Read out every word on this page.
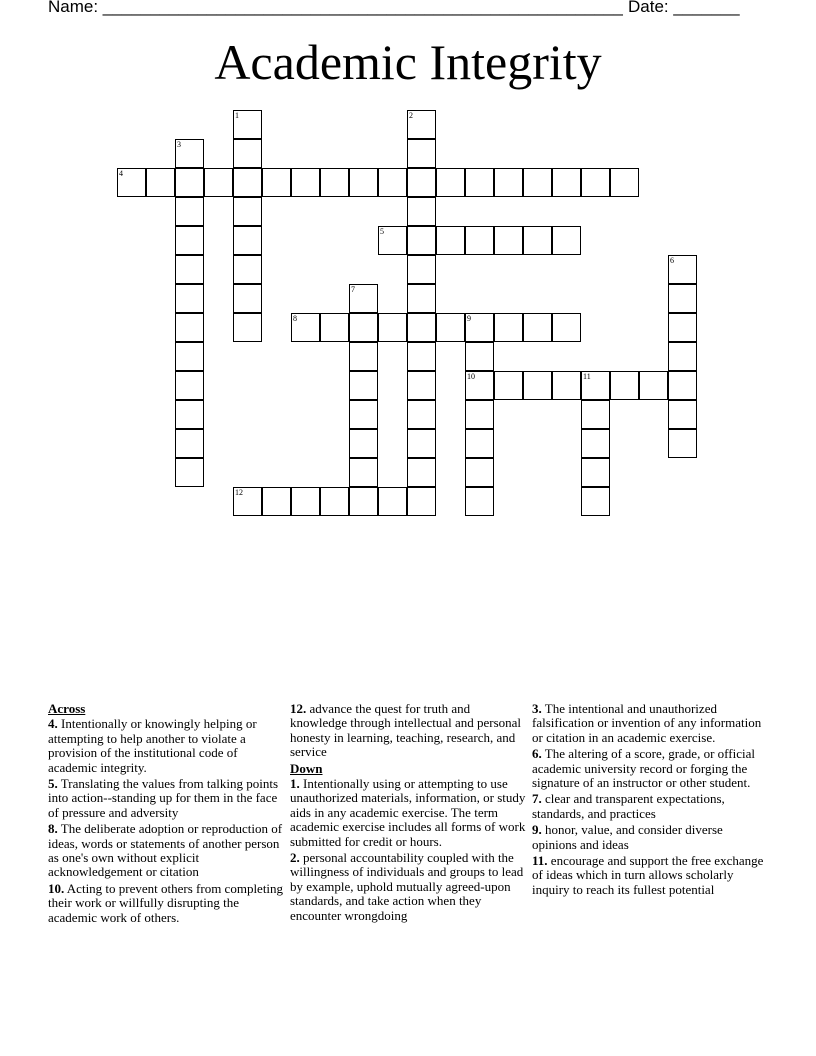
Name: _______________________________________________________ Date: _______
Academic Integrity
1	2
3
4
5
6
7
8	9
10	11
12
Across
4. Intentionally or knowingly helping or attempting to help another to violate a provision of the institutional code of academic integrity.
5. Translating the values from talking points into action--standing up for them in the face of pressure and adversity
8. The deliberate adoption or reproduction of ideas, words or statements of another person as one's own without explicit acknowledgement or citation
10. Acting to prevent others from completing their work or willfully disrupting the academic work of others.
12. advance the quest for truth and knowledge through intellectual and personal honesty in learning, teaching, research, and service
Down
1. Intentionally using or attempting to use unauthorized materials, information, or study aids in any academic exercise. The term academic exercise includes all forms of work submitted for credit or hours.
2. personal accountability coupled with the willingness of individuals and groups to lead by example, uphold mutually agreed-upon standards, and take action when they encounter wrongdoing
3. The intentional and unauthorized falsification or invention of any information or citation in an academic exercise.
6. The altering of a score, grade, or official academic university record or forging the signature of an instructor or other student.
7. clear and transparent expectations, standards, and practices
9. honor, value, and consider diverse opinions and ideas
11. encourage and support the free exchange of ideas which in turn allows scholarly inquiry to reach its fullest potential
